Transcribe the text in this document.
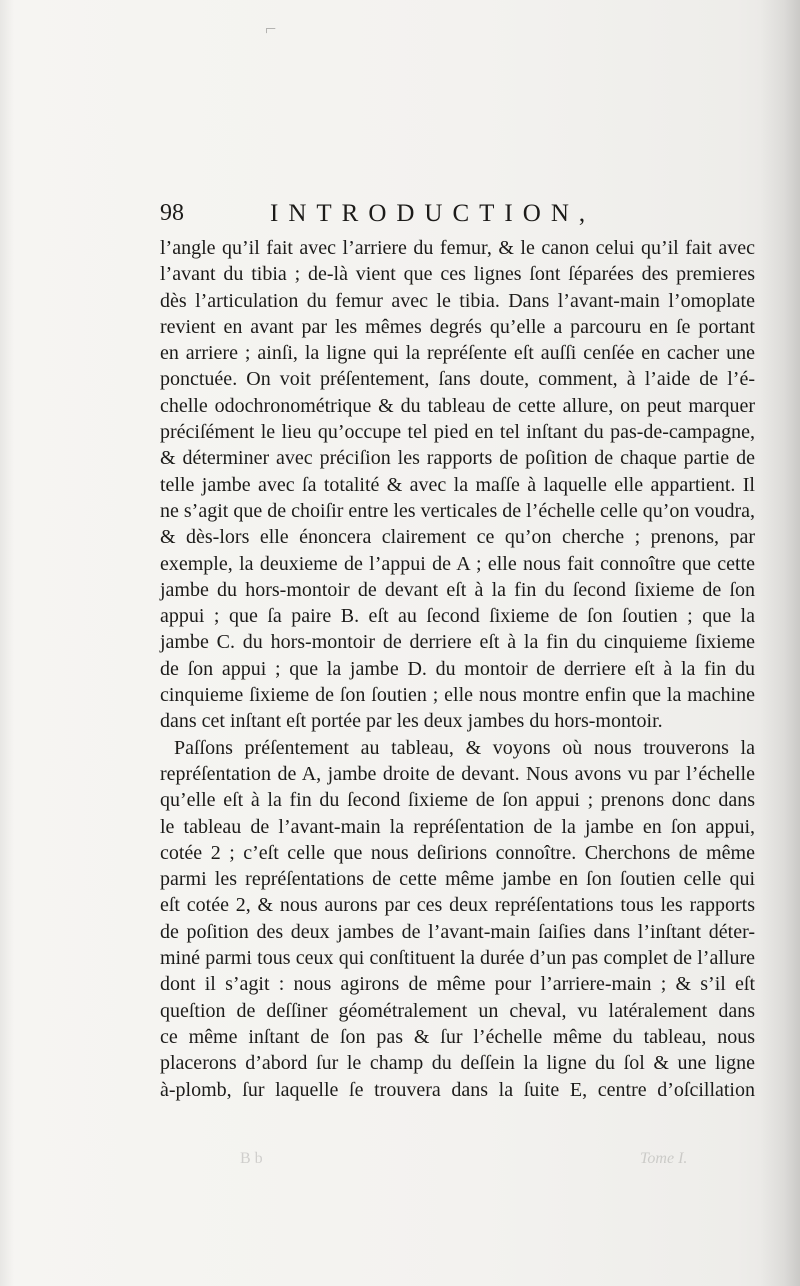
⌐
98	INTRODUCTION,
l’angle qu’il fait avec l’arriere du femur, & le canon celui qu’il fait avec
l’avant du tibia ; de-là vient que ces lignes ſont ſéparées des premieres
dès l’articulation du femur avec le tibia. Dans l’avant-main l’omoplate
revient en avant par les mêmes degrés qu’elle a parcouru en ſe portant
en arriere ; ainſi, la ligne qui la repréſente eſt auſſi cenſée en cacher une
ponctuée. On voit préſentement, ſans doute, comment, à l’aide de l’é-
chelle odochronométrique & du tableau de cette allure, on peut marquer
préciſément le lieu qu’occupe tel pied en tel inſtant du pas-de-campagne,
& déterminer avec préciſion les rapports de poſition de chaque partie de
telle jambe avec ſa totalité & avec la maſſe à laquelle elle appartient. Il
ne s’agit que de choiſir entre les verticales de l’échelle celle qu’on voudra,
& dès-lors elle énoncera clairement ce qu’on cherche ; prenons, par
exemple, la deuxieme de l’appui de A ; elle nous fait connoître que cette
jambe du hors-montoir de devant eſt à la fin du ſecond ſixieme de ſon
appui ; que ſa paire B. eſt au ſecond ſixieme de ſon ſoutien ; que la
jambe C. du hors-montoir de derriere eſt à la fin du cinquieme ſixieme
de ſon appui ; que la jambe D. du montoir de derriere eſt à la fin du
cinquieme ſixieme de ſon ſoutien ; elle nous montre enfin que la machine
dans cet inſtant eſt portée par les deux jambes du hors-montoir.
Paſſons préſentement au tableau, & voyons où nous trouverons la
repréſentation de A, jambe droite de devant. Nous avons vu par l’échelle
qu’elle eſt à la fin du ſecond ſixieme de ſon appui ; prenons donc dans
le tableau de l’avant-main la repréſentation de la jambe en ſon appui,
cotée 2 ; c’eſt celle que nous deſirions connoître. Cherchons de même
parmi les repréſentations de cette même jambe en ſon ſoutien celle qui
eſt cotée 2, & nous aurons par ces deux repréſentations tous les rapports
de poſition des deux jambes de l’avant-main ſaiſies dans l’inſtant déter-
miné parmi tous ceux qui conſtituent la durée d’un pas complet de l’allure
dont il s’agit : nous agirons de même pour l’arriere-main ; & s’il eſt
queſtion de deſſiner géométralement un cheval, vu latéralement dans
ce même inſtant de ſon pas & ſur l’échelle même du tableau, nous
placerons d’abord ſur le champ du deſſein la ligne du ſol & une ligne
à-plomb, ſur laquelle ſe trouvera dans la ſuite E, centre d’oſcillation
B b	Tome I.
